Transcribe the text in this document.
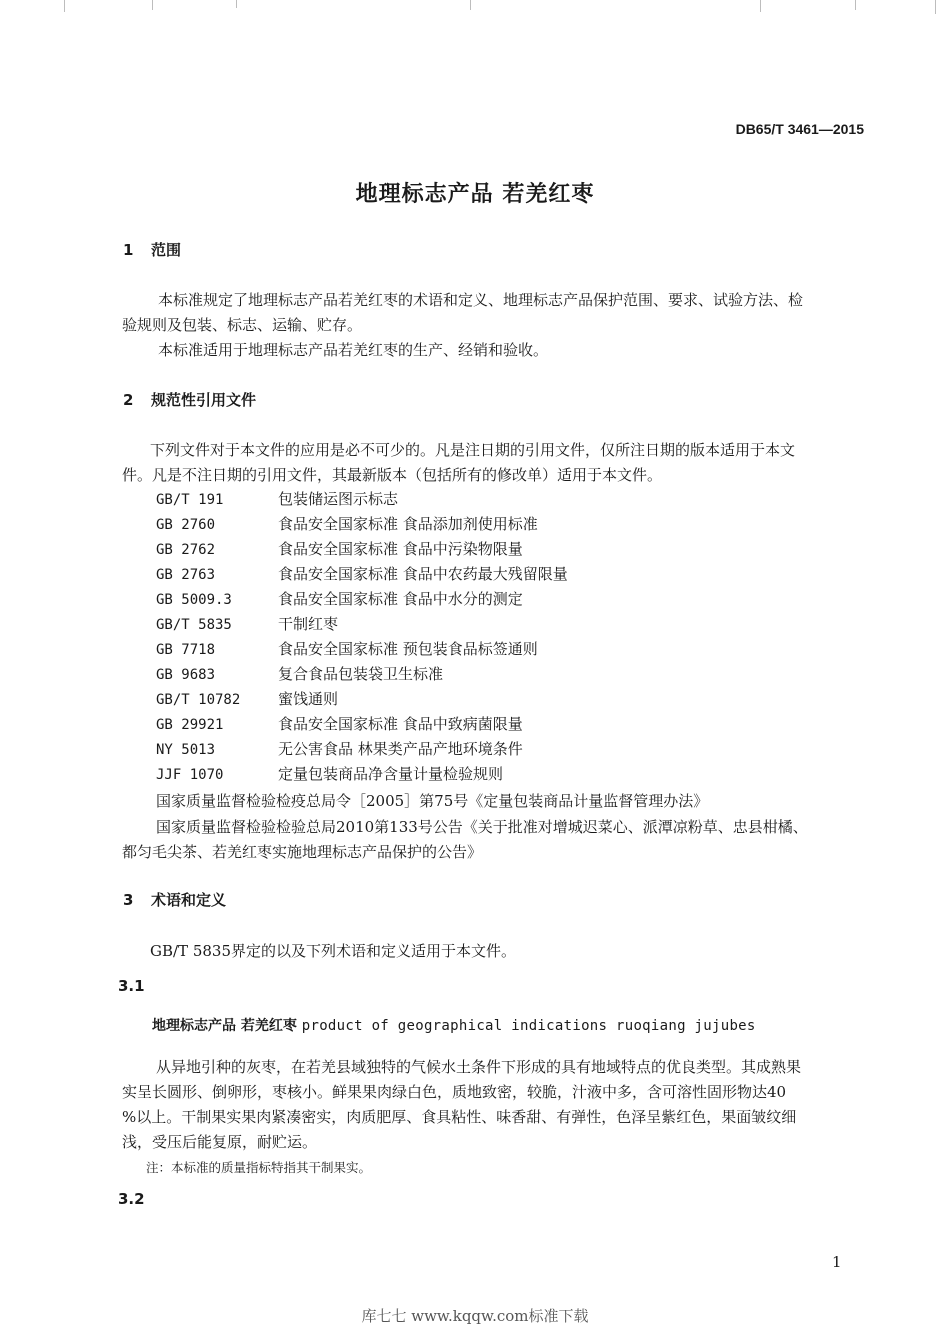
DB65/T 3461—2015
地理标志产品 若羌红枣
1 范围
本标准规定了地理标志产品若羌红枣的术语和定义、地理标志产品保护范围、要求、试验方法、检
验规则及包装、标志、运输、贮存。
本标准适用于地理标志产品若羌红枣的生产、经销和验收。
2 规范性引用文件
下列文件对于本文件的应用是必不可少的。凡是注日期的引用文件，仅所注日期的版本适用于本文
件。凡是不注日期的引用文件，其最新版本（包括所有的修改单）适用于本文件。
GB/T 191	包装储运图示标志
GB 2760	食品安全国家标准 食品添加剂使用标准
GB 2762	食品安全国家标准 食品中污染物限量
GB 2763	食品安全国家标准 食品中农药最大残留限量
GB 5009.3	食品安全国家标准 食品中水分的测定
GB/T 5835	干制红枣
GB 7718	食品安全国家标准 预包装食品标签通则
GB 9683	复合食品包装袋卫生标准
GB/T 10782	蜜饯通则
GB 29921	食品安全国家标准 食品中致病菌限量
NY 5013	无公害食品 林果类产品产地环境条件
JJF 1070	定量包装商品净含量计量检验规则
国家质量监督检验检疫总局令［2005］第75号《定量包装商品计量监督管理办法》
国家质量监督检验检验总局2010第133号公告《关于批准对增城迟菜心、派潭凉粉草、忠县柑橘、
都匀毛尖茶、若羌红枣实施地理标志产品保护的公告》
3 术语和定义
GB/T 5835界定的以及下列术语和定义适用于本文件。
3.1
地理标志产品 若羌红枣 product of geographical indications ruoqiang jujubes
从异地引种的灰枣，在若羌县域独特的气候水土条件下形成的具有地域特点的优良类型。其成熟果
实呈长圆形、倒卵形，枣核小。鲜果果肉绿白色，质地致密，较脆，汁液中多，含可溶性固形物达40
%以上。干制果实果肉紧凑密实，肉质肥厚、食具粘性、味香甜、有弹性，色泽呈紫红色，果面皱纹细
浅，受压后能复原，耐贮运。
注：本标准的质量指标特指其干制果实。
3.2
1
库七七 www.kqqw.com标准下载
